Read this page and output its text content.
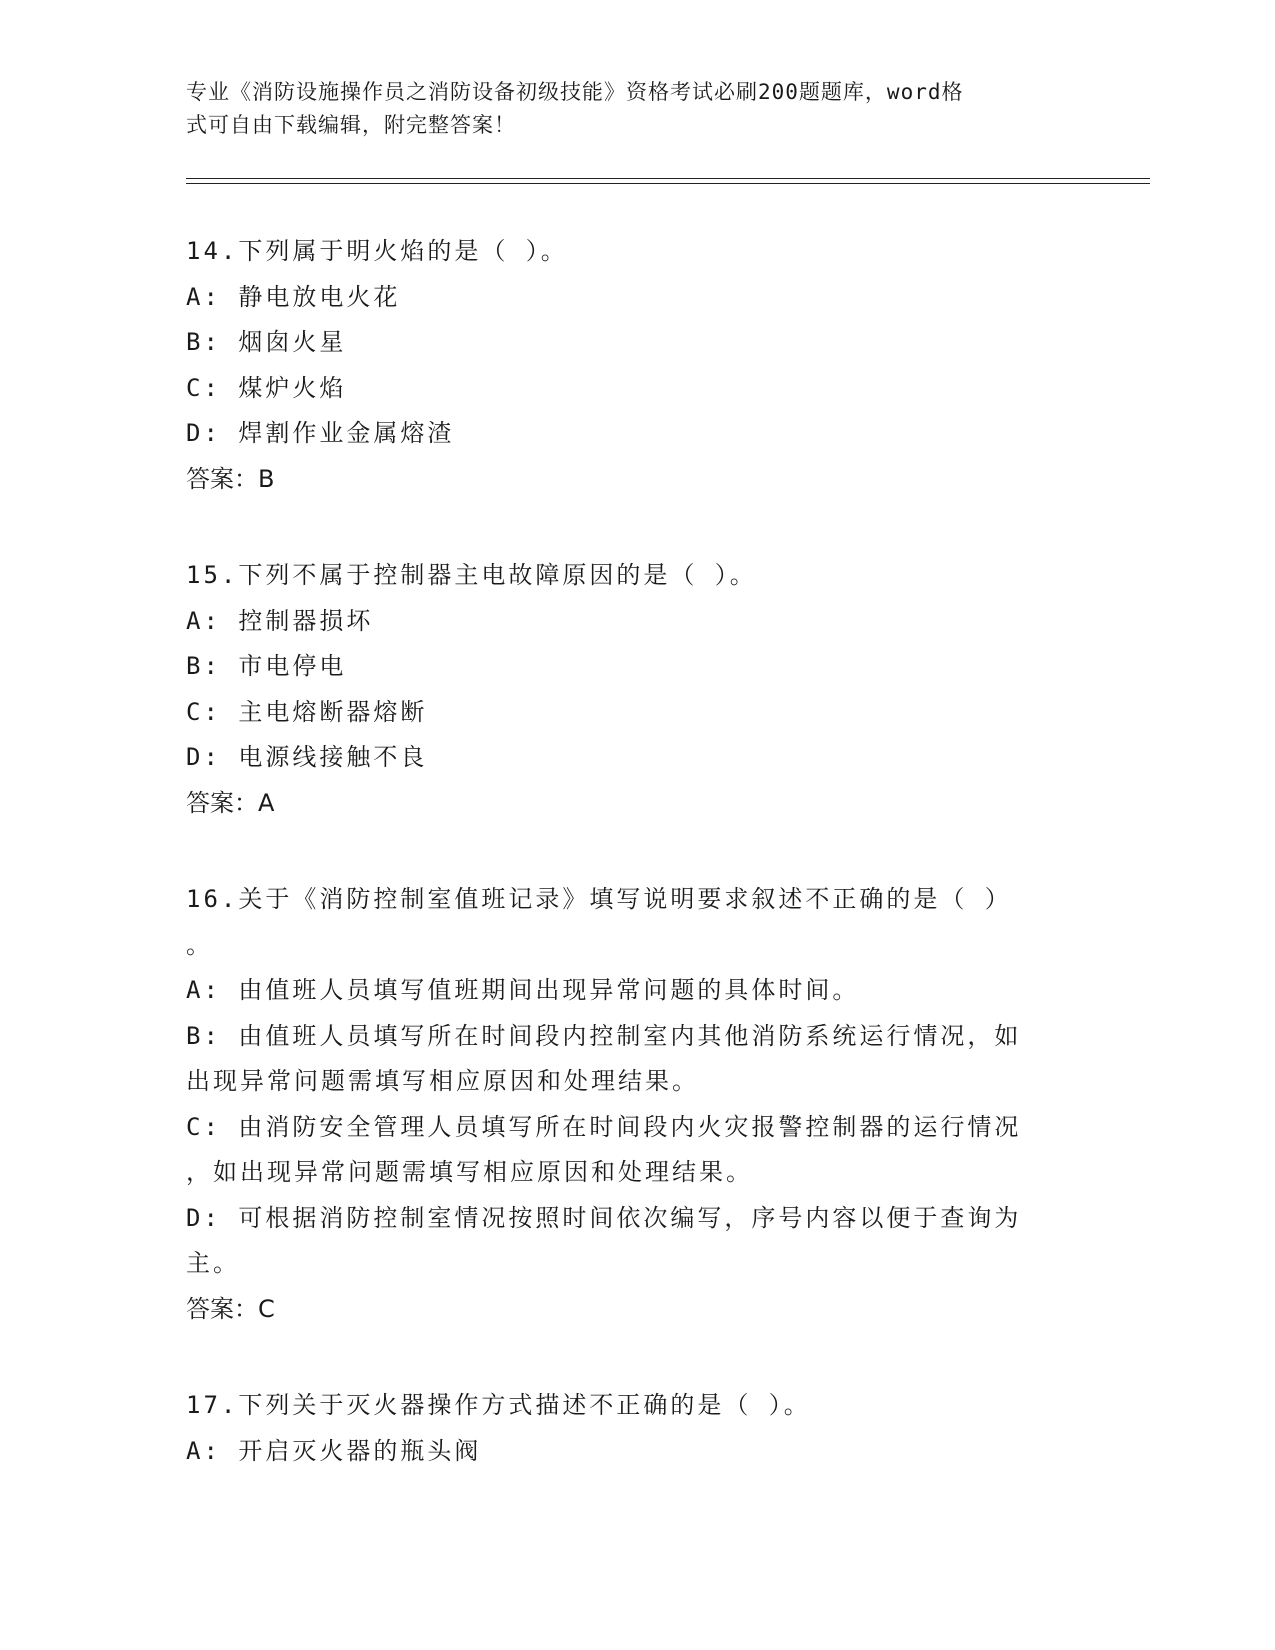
专业《消防设施操作员之消防设备初级技能》资格考试必刷200题题库，word格
式可自由下载编辑，附完整答案！
14.下列属于明火焰的是（ ）。
A: 静电放电火花
B: 烟囱火星
C: 煤炉火焰
D: 焊割作业金属熔渣
答案：B
15.下列不属于控制器主电故障原因的是（ ）。
A: 控制器损坏
B: 市电停电
C: 主电熔断器熔断
D: 电源线接触不良
答案：A
16.关于《消防控制室值班记录》填写说明要求叙述不正确的是（ ）
。
A: 由值班人员填写值班期间出现异常问题的具体时间。
B: 由值班人员填写所在时间段内控制室内其他消防系统运行情况，如
出现异常问题需填写相应原因和处理结果。
C: 由消防安全管理人员填写所在时间段内火灾报警控制器的运行情况
，如出现异常问题需填写相应原因和处理结果。
D: 可根据消防控制室情况按照时间依次编写，序号内容以便于查询为
主。
答案：C
17.下列关于灭火器操作方式描述不正确的是（ ）。
A: 开启灭火器的瓶头阀
